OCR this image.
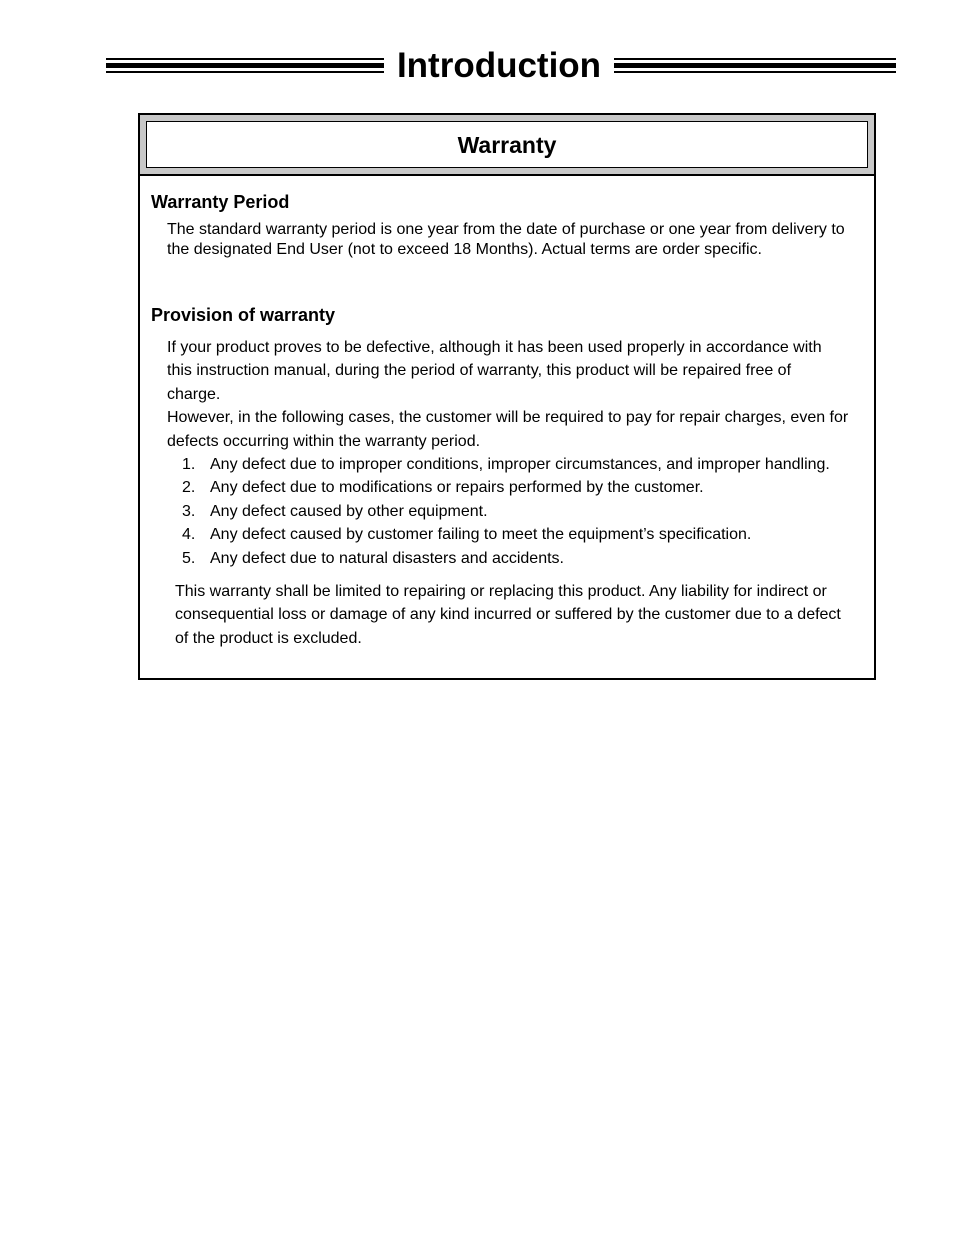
Introduction
Warranty
Warranty Period
The standard warranty period is one year from the date of purchase or one year from delivery to
the designated End User (not to exceed 18 Months). Actual terms are order specific.
Provision of warranty
If your product proves to be defective, although it has been used properly in accordance with
this instruction manual, during the period of warranty, this product will be repaired free of
charge.
However, in the following cases, the customer will be required to pay for repair charges, even for
defects occurring within the warranty period.
1. Any defect due to improper conditions, improper circumstances, and improper handling.
2. Any defect due to modifications or repairs performed by the customer.
3. Any defect caused by other equipment.
4. Any defect caused by customer failing to meet the equipment’s specification.
5. Any defect due to natural disasters and accidents.
This warranty shall be limited to repairing or replacing this product. Any liability for indirect or
consequential loss or damage of any kind incurred or suffered by the customer due to a defect
of the product is excluded.
